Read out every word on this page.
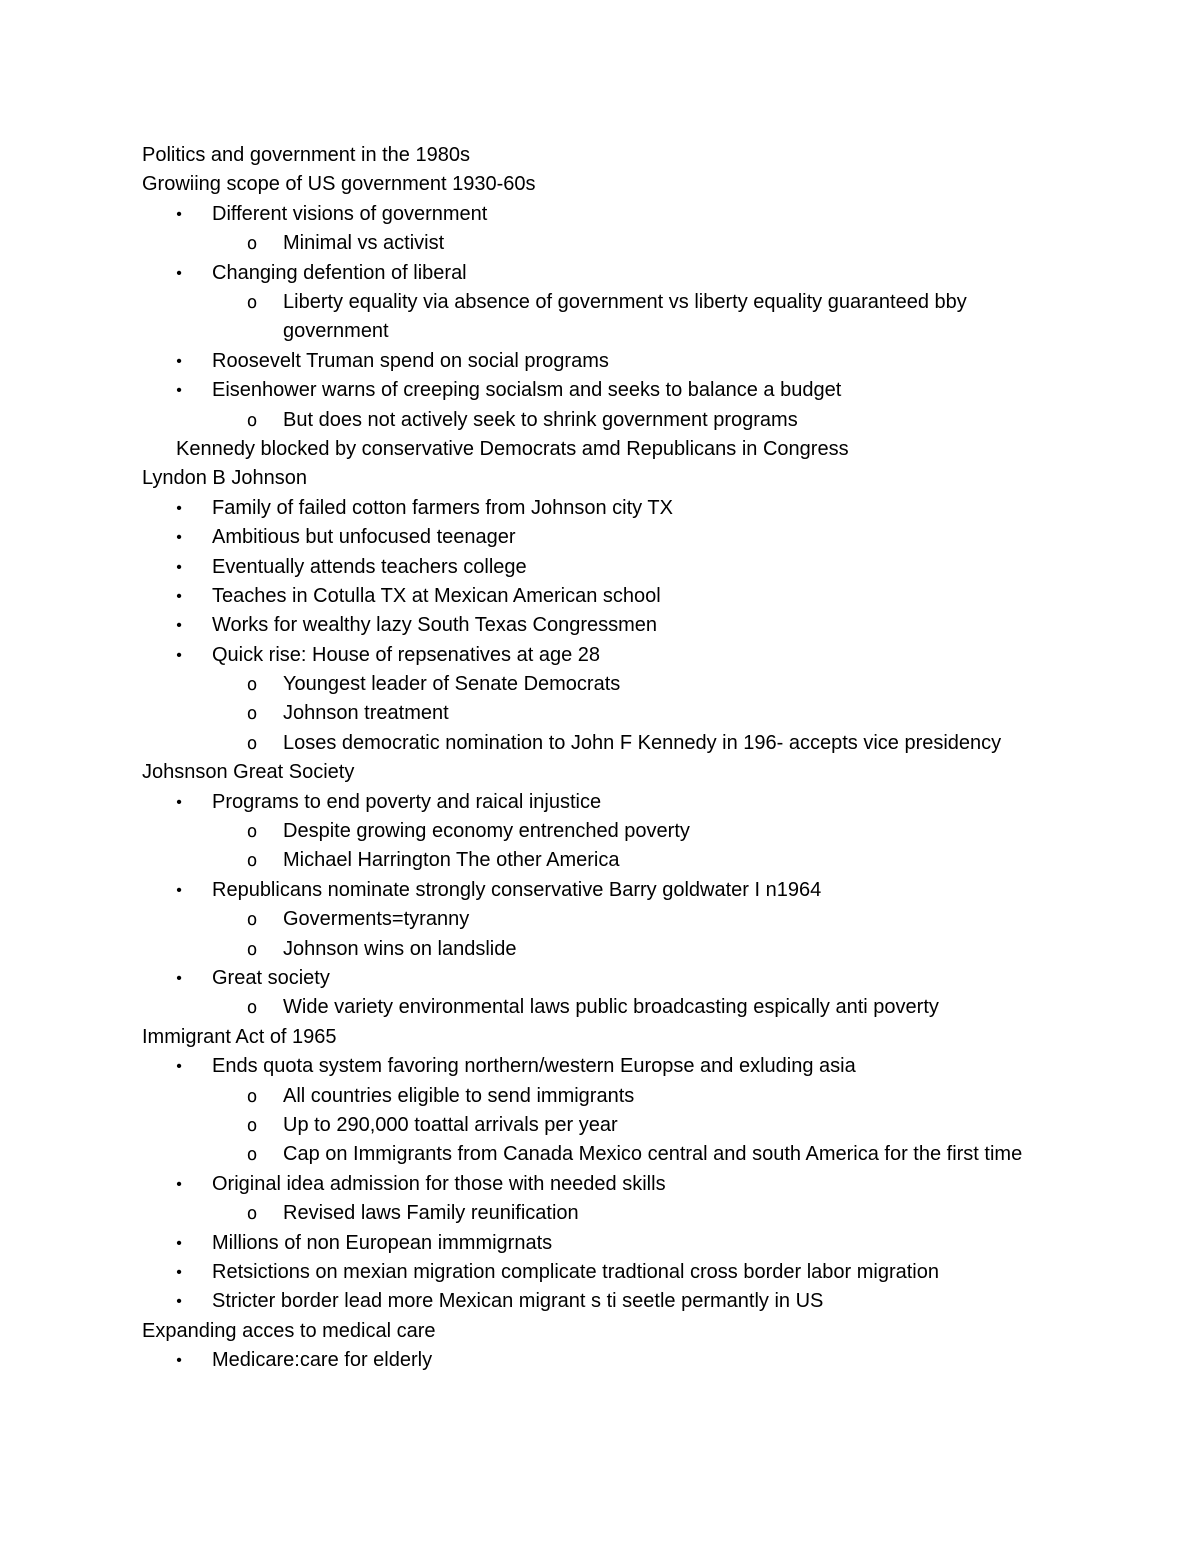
Politics and government in the 1980s
Growiing scope of US government 1930-60s
• Different visions of government
o Minimal vs activist
• Changing defention of liberal
o Liberty equality via absence of government vs liberty equality guaranteed bby government
• Roosevelt Truman spend on social programs
• Eisenhower warns of creeping socialsm and seeks to balance a budget
o But does not actively seek to shrink government programs
Kennedy blocked by conservative Democrats amd Republicans in Congress
Lyndon B Johnson
• Family of failed cotton farmers from Johnson city TX
• Ambitious but unfocused teenager
• Eventually attends teachers college
• Teaches in Cotulla TX at Mexican American school
• Works for wealthy lazy South Texas Congressmen
• Quick rise: House of repsenatives at age 28
o Youngest leader of Senate Democrats
o Johnson treatment
o Loses democratic nomination to John F Kennedy in 196- accepts vice presidency
Johsnson Great Society
• Programs to end poverty and raical injustice
o Despite growing economy entrenched poverty
o Michael Harrington The other America
• Republicans nominate strongly conservative Barry goldwater I n1964
o Goverments=tyranny
o Johnson wins on landslide
• Great society
o Wide variety environmental laws public broadcasting espically anti poverty
Immigrant Act of 1965
• Ends quota system favoring northern/western Europse and exluding asia
o All countries eligible to send immigrants
o Up to 290,000 toattal arrivals per year
o Cap on Immigrants from Canada Mexico central and south America for the first time
• Original idea admission for those with needed skills
o Revised laws Family reunification
• Millions of non European immmigrnats
• Retsictions on mexian migration complicate tradtional cross border labor migration
• Stricter border lead more Mexican migrant s ti seetle permantly in US
Expanding acces to medical care
• Medicare:care for elderly
